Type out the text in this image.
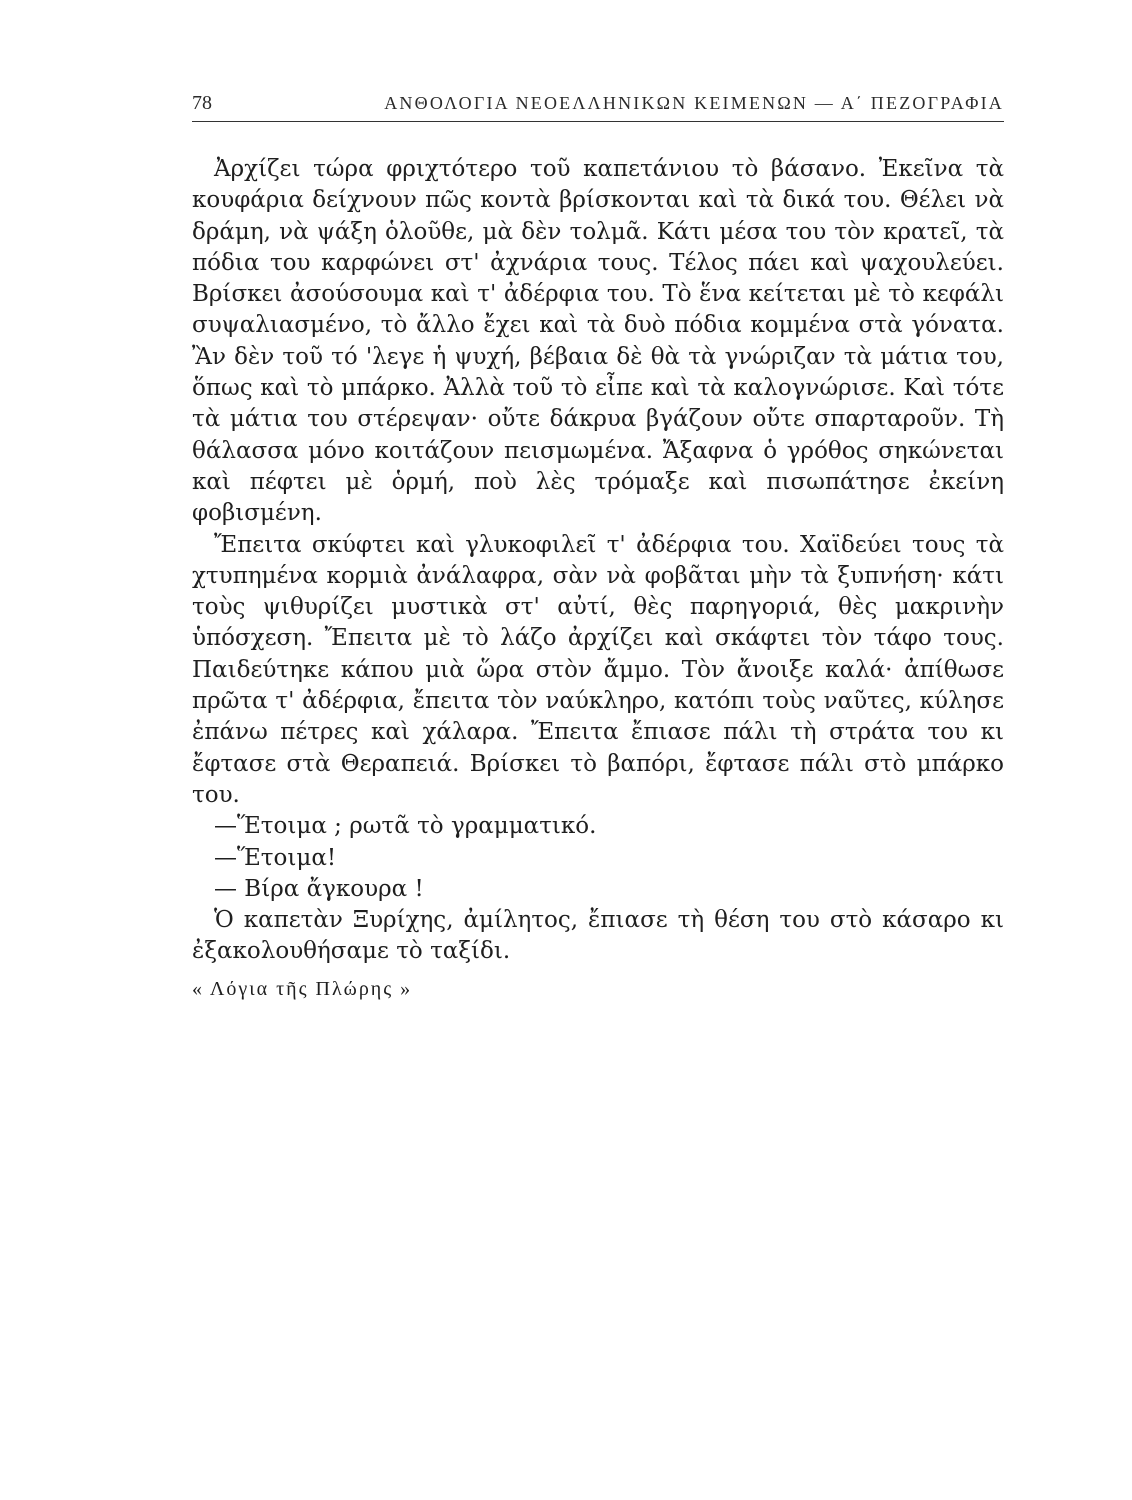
78	ΑΝΘΟΛΟΓΙΑ ΝΕΟΕΛΛΗΝΙΚΩΝ ΚΕΙΜΕΝΩΝ — Α΄ ΠΕΖΟΓΡΑΦΙΑ

Ἀρχίζει τώρα φριχτότερο τοῦ καπετάνιου τὸ βάσανο. Ἐκεῖνα τὰ κουφάρια δείχνουν πῶς κοντὰ βρίσκονται καὶ τὰ δικά του. Θέλει νὰ δράμη, νὰ ψάξη ὁλοῦθε, μὰ δὲν τολμᾶ. Κάτι μέσα του τὸν κρατεῖ, τὰ πόδια του καρφώνει στ' ἀχνάρια τους. Τέλος πάει καὶ ψαχουλεύει. Βρίσκει ἀσούσουμα καὶ τ' ἀδέρφια του. Τὸ ἕνα κείτεται μὲ τὸ κεφάλι συψαλιασμένο, τὸ ἄλλο ἔχει καὶ τὰ δυὸ πόδια κομμένα στὰ γόνατα. Ἂν δὲν τοῦ τό 'λεγε ἡ ψυχή, βέβαια δὲ θὰ τὰ γνώριζαν τὰ μάτια του, ὅπως καὶ τὸ μπάρκο. Ἀλλὰ τοῦ τὸ εἶπε καὶ τὰ καλογνώρισε. Καὶ τότε τὰ μάτια του στέρεψαν· οὔτε δάκρυα βγάζουν οὔτε σπαρταροῦν. Τὴ θάλασσα μόνο κοιτάζουν πεισμωμένα. Ἄξαφνα ὁ γρόθος σηκώνεται καὶ πέφτει μὲ ὁρμή, ποὺ λὲς τρόμαξε καὶ πισωπάτησε ἐκείνη φοβισμένη.

Ἔπειτα σκύφτει καὶ γλυκοφιλεῖ τ' ἀδέρφια του. Χαϊδεύει τους τὰ χτυπημένα κορμιὰ ἀνάλαφρα, σὰν νὰ φοβᾶται μὴν τὰ ξυπνήση· κάτι τοὺς ψιθυρίζει μυστικὰ στ' αὐτί, θὲς παρηγοριά, θὲς μακρινὴν ὑπόσχεση. Ἔπειτα μὲ τὸ λάζο ἀρχίζει καὶ σκάφτει τὸν τάφο τους. Παιδεύτηκε κάπου μιὰ ὥρα στὸν ἄμμο. Τὸν ἄνοιξε καλά· ἀπίθωσε πρῶτα τ' ἀδέρφια, ἔπειτα τὸν ναύκληρο, κατόπι τοὺς ναῦτες, κύλησε ἐπάνω πέτρες καὶ χάλαρα. Ἔπειτα ἔπιασε πάλι τὴ στράτα του κι ἔφτασε στὰ Θεραπειά. Βρίσκει τὸ βαπόρι, ἔφτασε πάλι στὸ μπάρκο του.

—Ἕτοιμα ; ρωτᾶ τὸ γραμματικό.

—Ἕτοιμα!

— Βίρα ἄγκουρα !

Ὁ καπετὰν Ξυρίχης, ἀμίλητος, ἔπιασε τὴ θέση του στὸ κάσαρο κι ἐξακολουθήσαμε τὸ ταξίδι.

« Λόγια τῆς Πλώρης »
